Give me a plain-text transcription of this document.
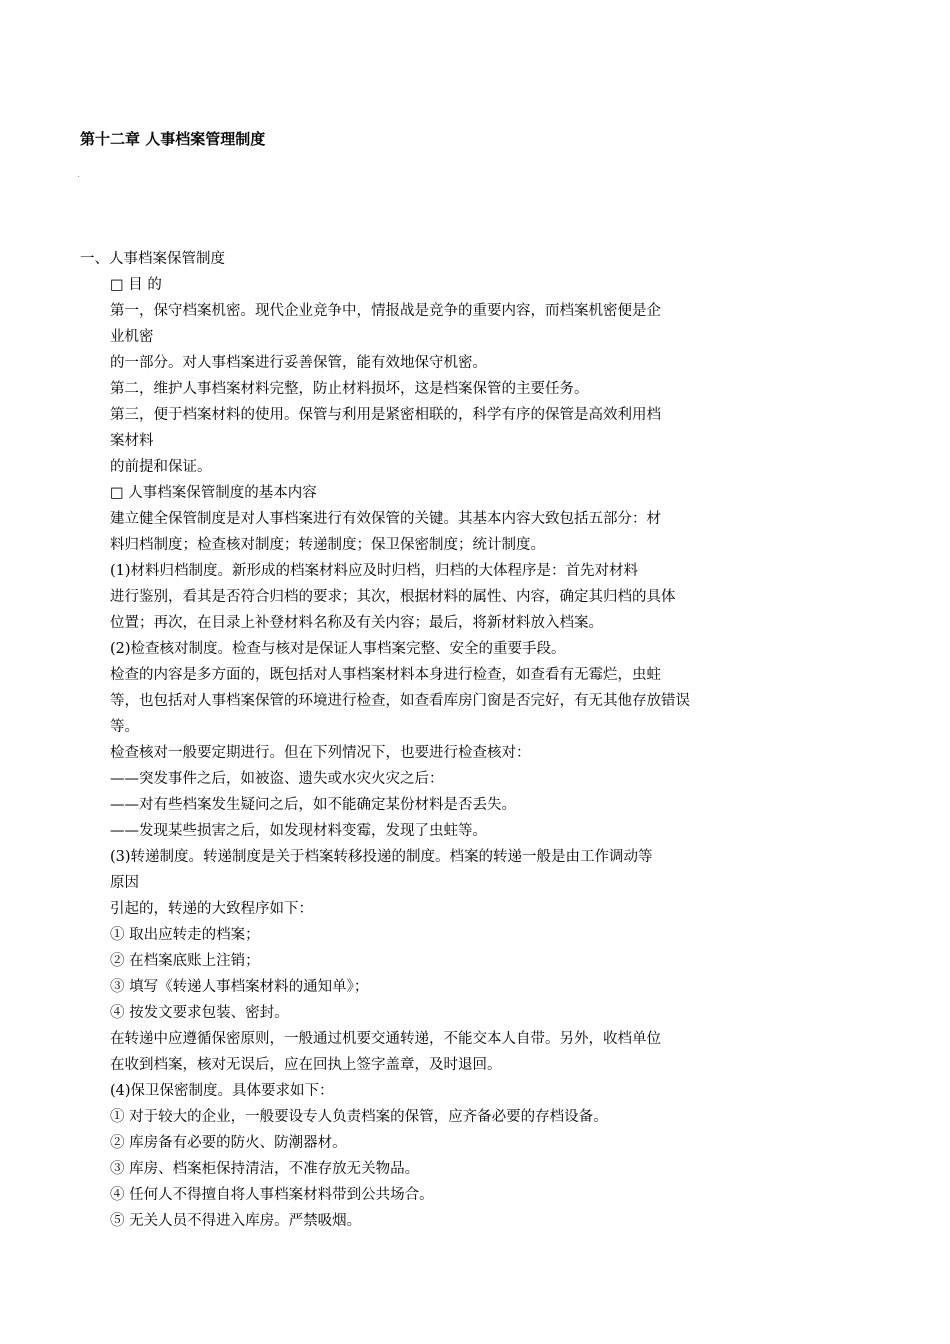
第十二章 人事档案管理制度
一、人事档案保管制度
□ 目 的
第一，保守档案机密。现代企业竞争中，情报战是竞争的重要内容，而档案机密便是企
业机密
的一部分。对人事档案进行妥善保管，能有效地保守机密。
第二，维护人事档案材料完整，防止材料损坏，这是档案保管的主要任务。
第三，便于档案材料的使用。保管与利用是紧密相联的，科学有序的保管是高效利用档
案材料
的前提和保证。
□ 人事档案保管制度的基本内容
建立健全保管制度是对人事档案进行有效保管的关键。其基本内容大致包括五部分：材
料归档制度；检查核对制度；转递制度；保卫保密制度；统计制度。
(1)材料归档制度。新形成的档案材料应及时归档，归档的大体程序是：首先对材料
进行鉴别，看其是否符合归档的要求；其次，根据材料的属性、内容，确定其归档的具体
位置；再次，在目录上补登材料名称及有关内容；最后，将新材料放入档案。
(2)检查核对制度。检查与核对是保证人事档案完整、安全的重要手段。
检查的内容是多方面的，既包括对人事档案材料本身进行检查，如查看有无霉烂，虫蛀
等，也包括对人事档案保管的环境进行检查，如查看库房门窗是否完好，有无其他存放错误
等。
检查核对一般要定期进行。但在下列情况下，也要进行检查核对：
——突发事件之后，如被盗、遗失或水灾火灾之后：
——对有些档案发生疑问之后，如不能确定某份材料是否丢失。
——发现某些损害之后，如发现材料变霉，发现了虫蛀等。
(3)转递制度。转递制度是关于档案转移投递的制度。档案的转递一般是由工作调动等
原因
引起的，转递的大致程序如下：
① 取出应转走的档案；
② 在档案底账上注销；
③ 填写《转递人事档案材料的通知单》；
④ 按发文要求包装、密封。
在转递中应遵循保密原则，一般通过机要交通转递，不能交本人自带。另外，收档单位
在收到档案，核对无误后，应在回执上签字盖章，及时退回。
(4)保卫保密制度。具体要求如下：
① 对于较大的企业，一般要设专人负责档案的保管，应齐备必要的存档设备。
② 库房备有必要的防火、防潮器材。
③ 库房、档案柜保持清洁，不准存放无关物品。
④ 任何人不得擅自将人事档案材料带到公共场合。
⑤ 无关人员不得进入库房。严禁吸烟。
